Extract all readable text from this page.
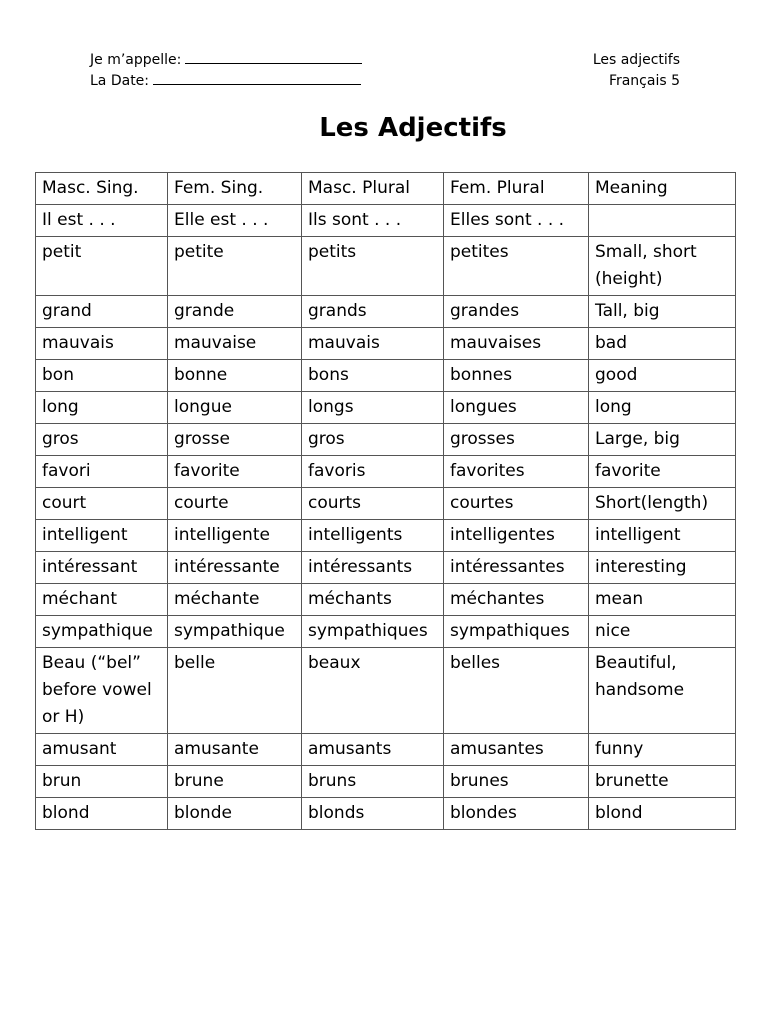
Je m’appelle:
La Date:
Les adjectifs
Français 5
Les Adjectifs
Masc. Sing.	Fem. Sing.	Masc. Plural	Fem. Plural	Meaning
Il est . . .	Elle est . . .	Ils sont . . .	Elles sont . . .	
petit	petite	petits	petites	Small, short (height)
grand	grande	grands	grandes	Tall, big
mauvais	mauvaise	mauvais	mauvaises	bad
bon	bonne	bons	bonnes	good
long	longue	longs	longues	long
gros	grosse	gros	grosses	Large, big
favori	favorite	favoris	favorites	favorite
court	courte	courts	courtes	Short(length)
intelligent	intelligente	intelligents	intelligentes	intelligent
intéressant	intéressante	intéressants	intéressantes	interesting
méchant	méchante	méchants	méchantes	mean
sympathique	sympathique	sympathiques	sympathiques	nice
Beau (“bel” before vowel or H)	belle	beaux	belles	Beautiful, handsome
amusant	amusante	amusants	amusantes	funny
brun	brune	bruns	brunes	brunette
blond	blonde	blonds	blondes	blond
